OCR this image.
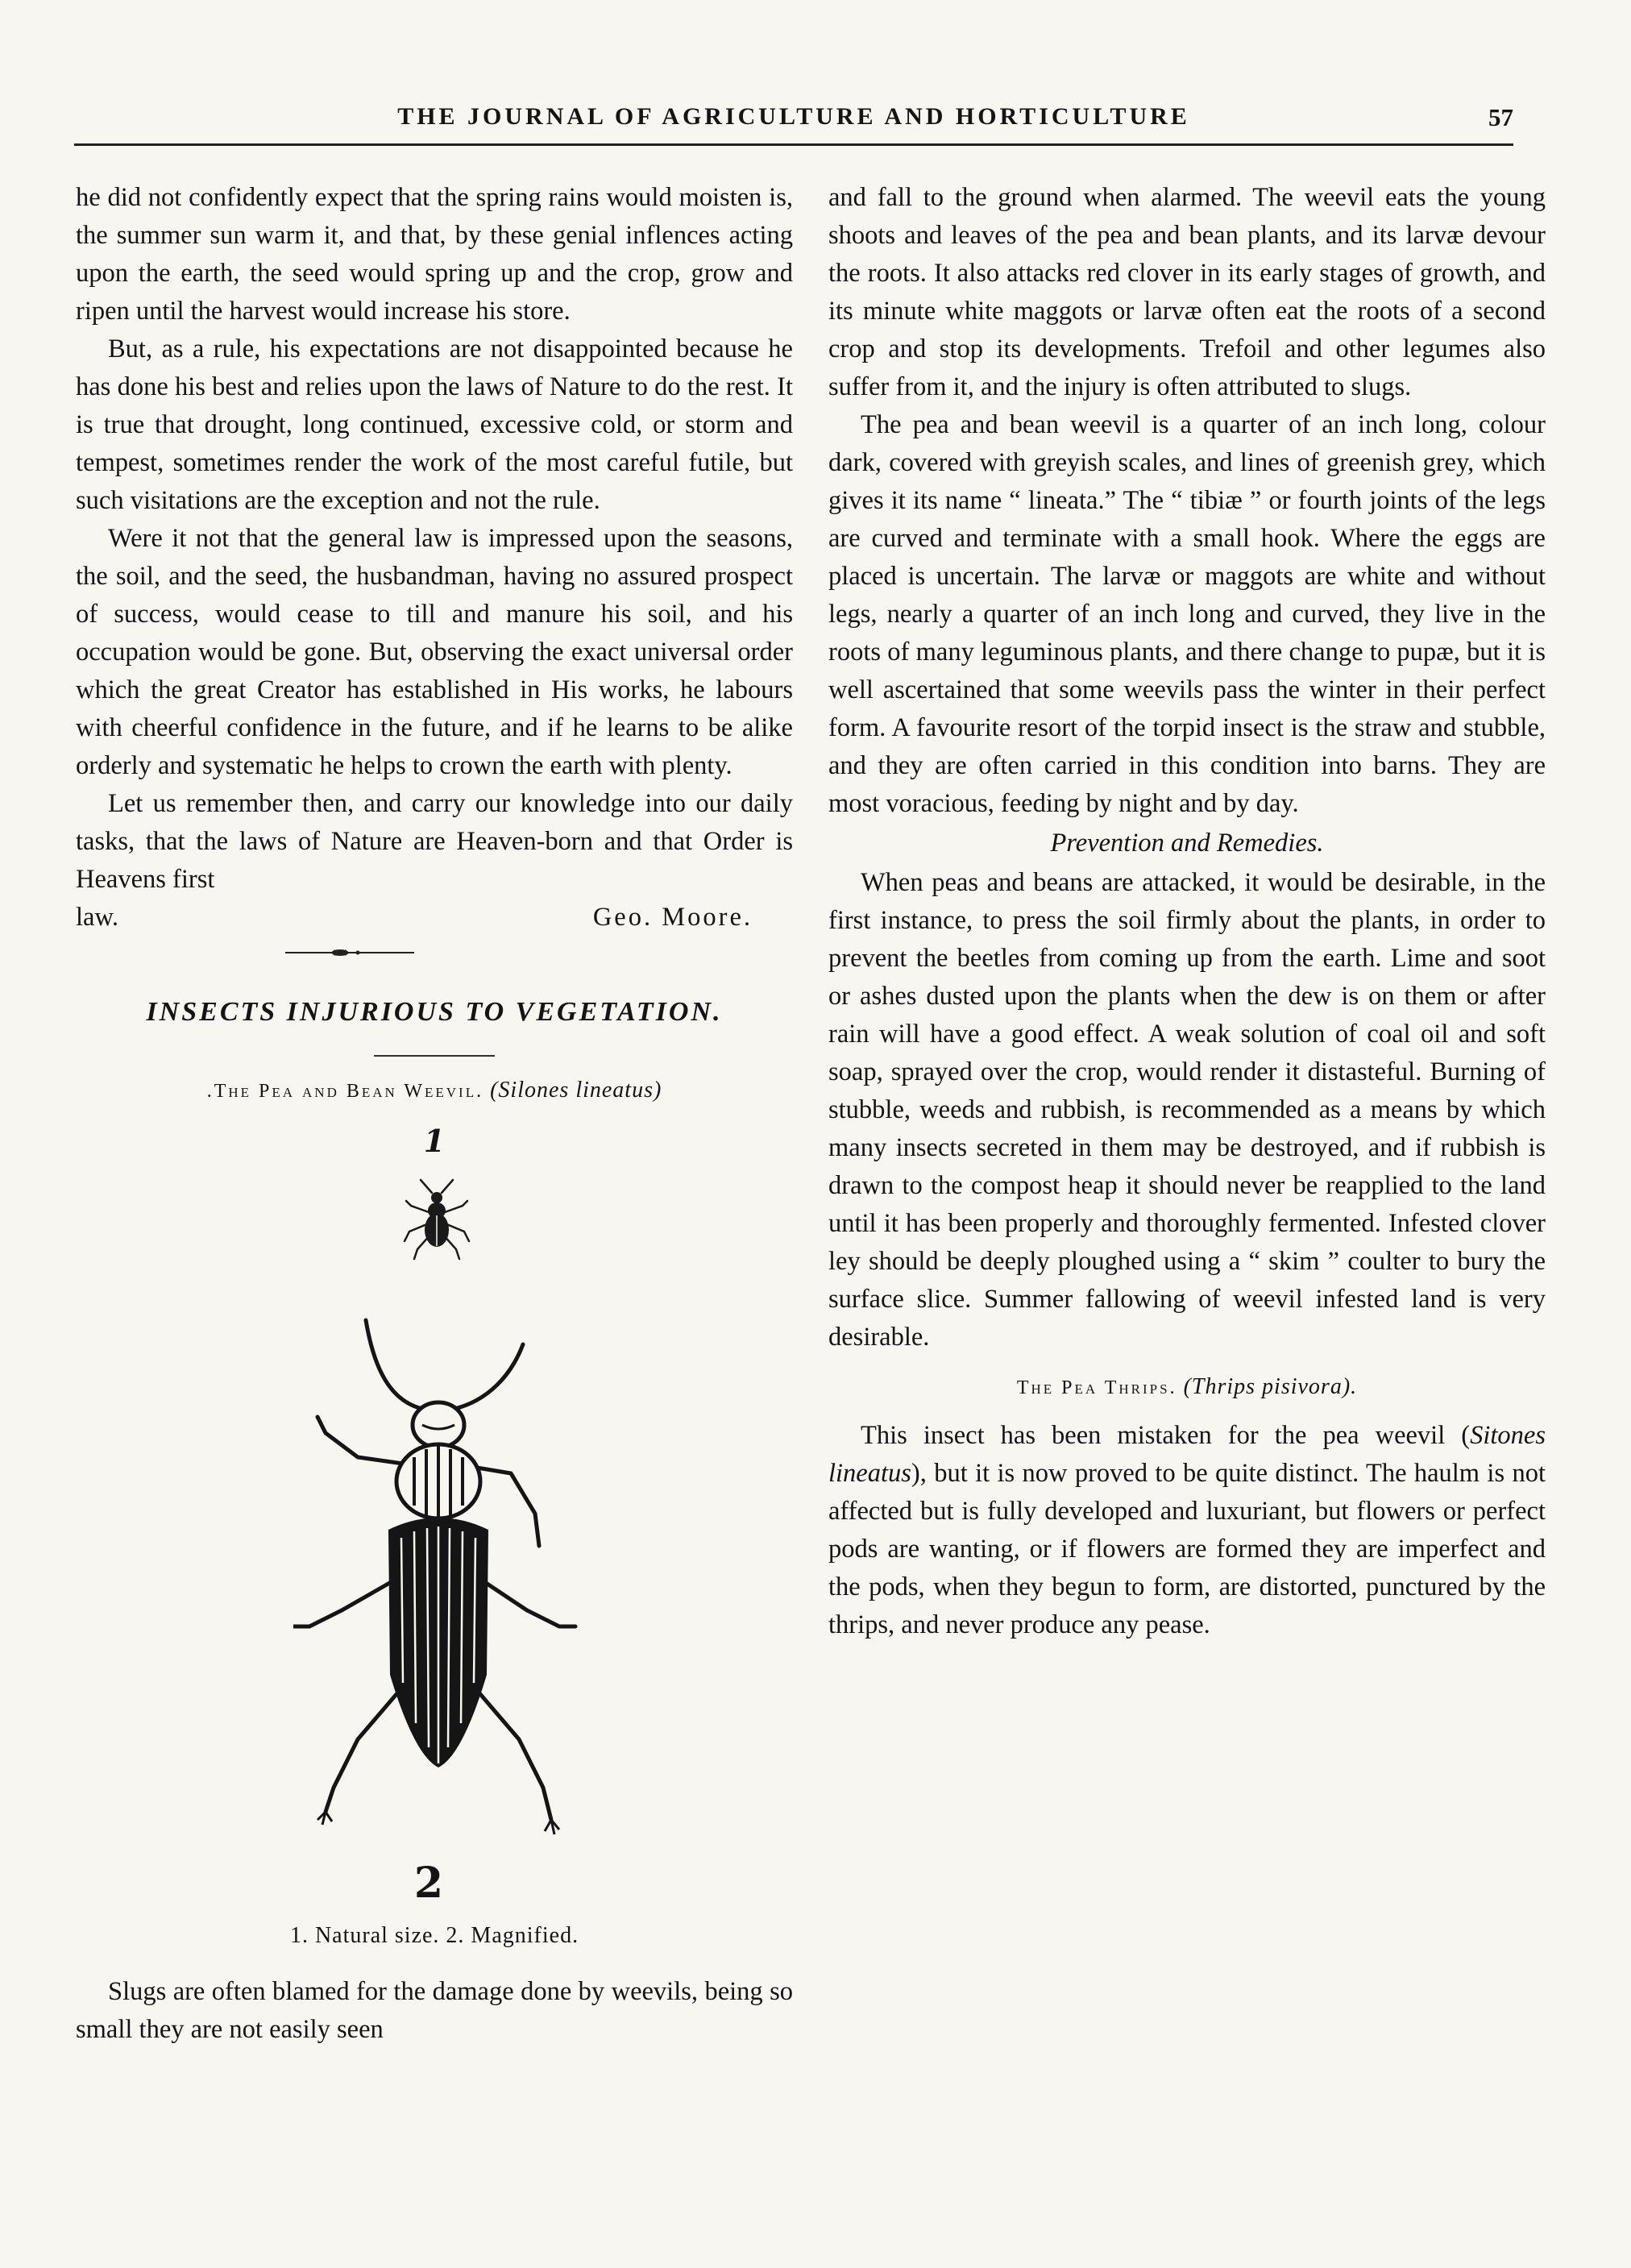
THE JOURNAL OF AGRICULTURE AND HORTICULTURE	57

he did not confidently expect that the spring rains would moisten is, the summer sun warm it, and that, by these genial inflences acting upon the earth, the seed would spring up and the crop, grow and ripen until the harvest would increase his store.

But, as a rule, his expectations are not disappointed because he has done his best and relies upon the laws of Nature to do the rest. It is true that drought, long continued, excessive cold, or storm and tempest, sometimes render the work of the most careful futile, but such visitations are the exception and not the rule.

Were it not that the general law is impressed upon the seasons, the soil, and the seed, the husbandman, having no assured prospect of success, would cease to till and manure his soil, and his occupation would be gone. But, observing the exact universal order which the great Creator has established in His works, he labours with cheerful confidence in the future, and if he learns to be alike orderly and systematic he helps to crown the earth with plenty.

Let us remember then, and carry our knowledge into our daily tasks, that the laws of Nature are Heaven-born and that Order is Heavens first

law.	Geo. Moore.
INSECTS INJURIOUS TO VEGETATION.
.The Pea and Bean Weevil. (Silones lineatus)
1
2
1. Natural size. 2. Magnified.

Slugs are often blamed for the damage done by weevils, being so small they are not easily seen

and fall to the ground when alarmed. The weevil eats the young shoots and leaves of the pea and bean plants, and its larvæ devour the roots. It also attacks red clover in its early stages of growth, and its minute white maggots or larvæ often eat the roots of a second crop and stop its developments. Trefoil and other legumes also suffer from it, and the injury is often attributed to slugs.

The pea and bean weevil is a quarter of an inch long, colour dark, covered with greyish scales, and lines of greenish grey, which gives it its name “ lineata.” The “ tibiæ ” or fourth joints of the legs are curved and terminate with a small hook. Where the eggs are placed is uncertain. The larvæ or maggots are white and without legs, nearly a quarter of an inch long and curved, they live in the roots of many leguminous plants, and there change to pupæ, but it is well ascertained that some weevils pass the winter in their perfect form. A favourite resort of the torpid insect is the straw and stubble, and they are often carried in this condition into barns. They are most voracious, feeding by night and by day.

Prevention and Remedies.

When peas and beans are attacked, it would be desirable, in the first instance, to press the soil firmly about the plants, in order to prevent the beetles from coming up from the earth. Lime and soot or ashes dusted upon the plants when the dew is on them or after rain will have a good effect. A weak solution of coal oil and soft soap, sprayed over the crop, would render it distasteful. Burning of stubble, weeds and rubbish, is recommended as a means by which many insects secreted in them may be destroyed, and if rubbish is drawn to the compost heap it should never be reapplied to the land until it has been properly and thoroughly fermented. Infested clover ley should be deeply ploughed using a “ skim ” coulter to bury the surface slice. Summer fallowing of weevil infested land is very desirable.

The Pea Thrips. (Thrips pisivora).

This insect has been mistaken for the pea weevil (Sitones lineatus), but it is now proved to be quite distinct. The haulm is not affected but is fully developed and luxuriant, but flowers or perfect pods are wanting, or if flowers are formed they are imperfect and the pods, when they begun to form, are distorted, punctured by the thrips, and never produce any pease.
